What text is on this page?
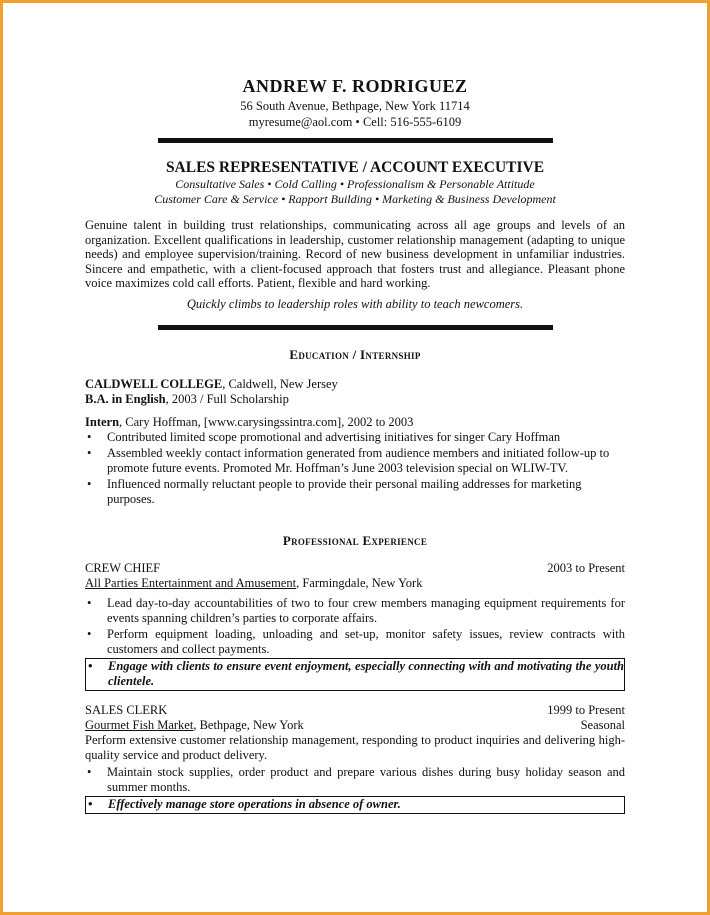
ANDREW F. RODRIGUEZ
56 South Avenue, Bethpage, New York 11714
myresume@aol.com • Cell: 516-555-6109
SALES REPRESENTATIVE / ACCOUNT EXECUTIVE
Consultative Sales • Cold Calling • Professionalism & Personable Attitude
Customer Care & Service • Rapport Building • Marketing & Business Development
Genuine talent in building trust relationships, communicating across all age groups and levels of an organization. Excellent qualifications in leadership, customer relationship management (adapting to unique needs) and employee supervision/training. Record of new business development in unfamiliar industries. Sincere and empathetic, with a client-focused approach that fosters trust and allegiance. Pleasant phone voice maximizes cold call efforts. Patient, flexible and hard working.
Quickly climbs to leadership roles with ability to teach newcomers.
Education / Internship
CALDWELL COLLEGE, Caldwell, New Jersey
B.A. in English, 2003 / Full Scholarship
Intern, Cary Hoffman, [www.carysingssintra.com], 2002 to 2003
• Contributed limited scope promotional and advertising initiatives for singer Cary Hoffman
• Assembled weekly contact information generated from audience members and initiated follow-up to promote future events. Promoted Mr. Hoffman’s June 2003 television special on WLIW-TV.
• Influenced normally reluctant people to provide their personal mailing addresses for marketing purposes.
Professional Experience
CREW CHIEF	2003 to Present
All Parties Entertainment and Amusement, Farmingdale, New York
• Lead day-to-day accountabilities of two to four crew members managing equipment requirements for events spanning children’s parties to corporate affairs.
• Perform equipment loading, unloading and set-up, monitor safety issues, review contracts with customers and collect payments.
• Engage with clients to ensure event enjoyment, especially connecting with and motivating the youth clientele.
SALES CLERK	1999 to Present
Gourmet Fish Market, Bethpage, New York	Seasonal
Perform extensive customer relationship management, responding to product inquiries and delivering high-quality service and product delivery.
• Maintain stock supplies, order product and prepare various dishes during busy holiday season and summer months.
• Effectively manage store operations in absence of owner.
